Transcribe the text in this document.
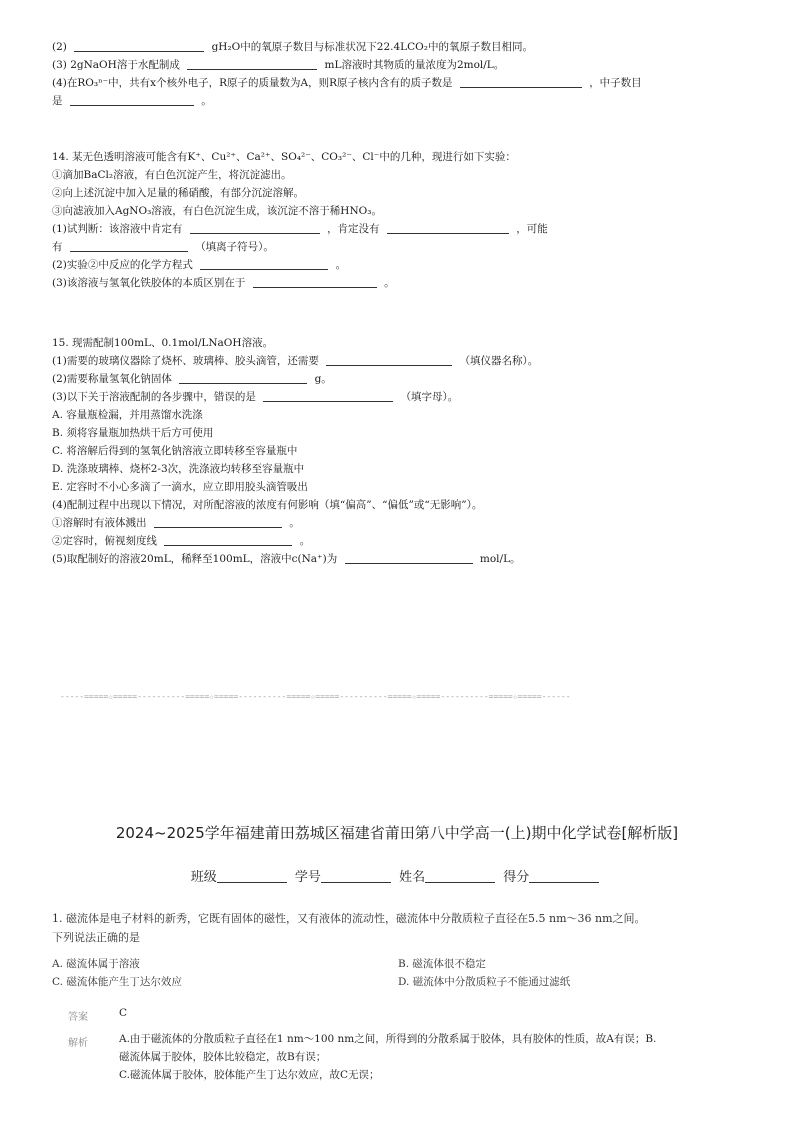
(2)	gH₂O中的氧原子数目与标准状况下22.4LCO₂中的氧原子数目相同。
(3) 2gNaOH溶于水配制成	mL溶液时其物质的量浓度为2mol/L。
(4)在RO₃ⁿ⁻中，共有x个核外电子，R原子的质量数为A，则R原子核内含有的质子数是	，中子数目
是	。
14. 某无色透明溶液可能含有K⁺、Cu²⁺、Ca²⁺、SO₄²⁻、CO₃²⁻、Cl⁻中的几种，现进行如下实验：
①滴加BaCl₂溶液，有白色沉淀产生，将沉淀滤出。
②向上述沉淀中加入足量的稀硝酸，有部分沉淀溶解。
③向滤液加入AgNO₃溶液，有白色沉淀生成，该沉淀不溶于稀HNO₃。
(1)试判断：该溶液中肯定有	，肯定没有	，可能
有	（填离子符号）。
(2)实验②中反应的化学方程式	。
(3)该溶液与氢氧化铁胶体的本质区别在于	。
15. 现需配制100mL、0.1mol/LNaOH溶液。
(1)需要的玻璃仪器除了烧杯、玻璃棒、胶头滴管，还需要	（填仪器名称）。
(2)需要称量氢氧化钠固体	g。
(3)以下关于溶液配制的各步骤中，错误的是	（填字母）。
A. 容量瓶检漏，并用蒸馏水洗涤
B. 须将容量瓶加热烘干后方可使用
C. 将溶解后得到的氢氧化钠溶液立即转移至容量瓶中
D. 洗涤玻璃棒、烧杯2-3次，洗涤液均转移至容量瓶中
E. 定容时不小心多滴了一滴水，应立即用胶头滴管吸出
(4)配制过程中出现以下情况，对所配溶液的浓度有何影响（填“偏高”、“偏低”或“无影响”）。
①溶解时有液体溅出	。
②定容时，俯视刻度线	。
(5)取配制好的溶液20mL，稀释至100mL，溶液中c(Na⁺)为	mol/L。
-----=====☆=====----------=====☆=====----------=====☆=====----------=====☆=====----------=====☆=====------
2024~2025学年福建莆田荔城区福建省莆田第八中学高一(上)期中化学试卷[解析版]
班级	学号	姓名	得分
1. 磁流体是电子材料的新秀，它既有固体的磁性，又有液体的流动性，磁流体中分散质粒子直径在5.5 nm～36 nm之间。
下列说法正确的是
A. 磁流体属于溶液	B. 磁流体很不稳定
C. 磁流体能产生丁达尔效应	D. 磁流体中分散质粒子不能通过滤纸
答案	C
解析	A.由于磁流体的分散质粒子直径在1 nm～100 nm之间，所得到的分散系属于胶体，具有胶体的性质，故A有误；B.
磁流体属于胶体，胶体比较稳定，故B有误；
C.磁流体属于胶体，胶体能产生丁达尔效应，故C无误；
